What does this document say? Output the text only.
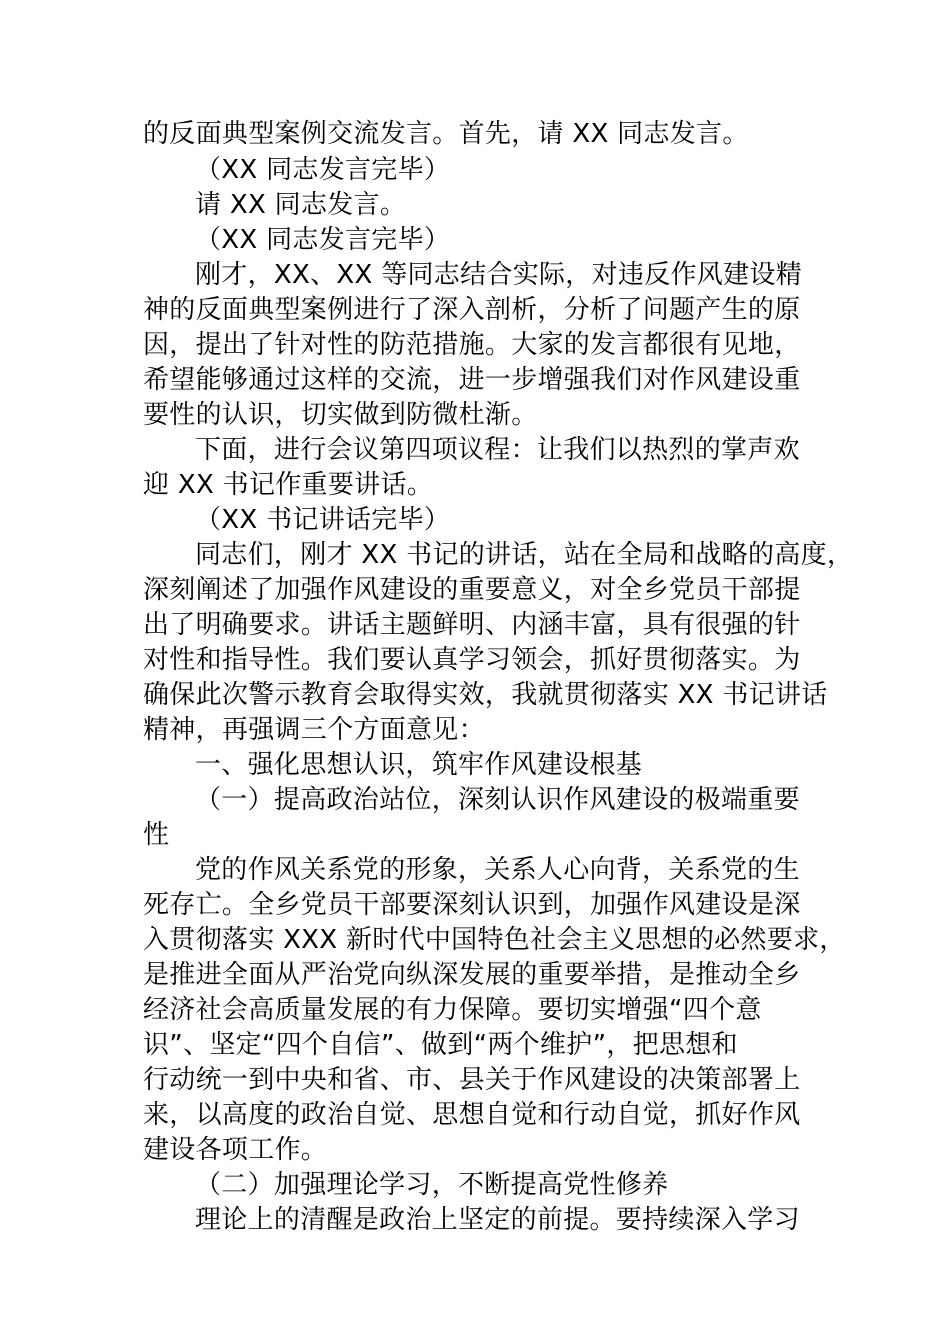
的反面典型案例交流发言。首先，请 XX 同志发言。
（XX 同志发言完毕）
请 XX 同志发言。
（XX 同志发言完毕）
刚才，XX、XX 等同志结合实际，对违反作风建设精
神的反面典型案例进行了深入剖析，分析了问题产生的原
因，提出了针对性的防范措施。大家的发言都很有见地，
希望能够通过这样的交流，进一步增强我们对作风建设重
要性的认识，切实做到防微杜渐。
下面，进行会议第四项议程：让我们以热烈的掌声欢
迎 XX 书记作重要讲话。
（XX 书记讲话完毕）
同志们，刚才 XX 书记的讲话，站在全局和战略的高度，
深刻阐述了加强作风建设的重要意义，对全乡党员干部提
出了明确要求。讲话主题鲜明、内涵丰富，具有很强的针
对性和指导性。我们要认真学习领会，抓好贯彻落实。为
确保此次警示教育会取得实效，我就贯彻落实 XX 书记讲话
精神，再强调三个方面意见：
一、强化思想认识，筑牢作风建设根基
（一）提高政治站位，深刻认识作风建设的极端重要
性
党的作风关系党的形象，关系人心向背，关系党的生
死存亡。全乡党员干部要深刻认识到，加强作风建设是深
入贯彻落实 XXX 新时代中国特色社会主义思想的必然要求，
是推进全面从严治党向纵深发展的重要举措，是推动全乡
经济社会高质量发展的有力保障。要切实增强“四个意
识”、坚定“四个自信”、做到“两个维护”，把思想和
行动统一到中央和省、市、县关于作风建设的决策部署上
来，以高度的政治自觉、思想自觉和行动自觉，抓好作风
建设各项工作。
（二）加强理论学习，不断提高党性修养
理论上的清醒是政治上坚定的前提。要持续深入学习
